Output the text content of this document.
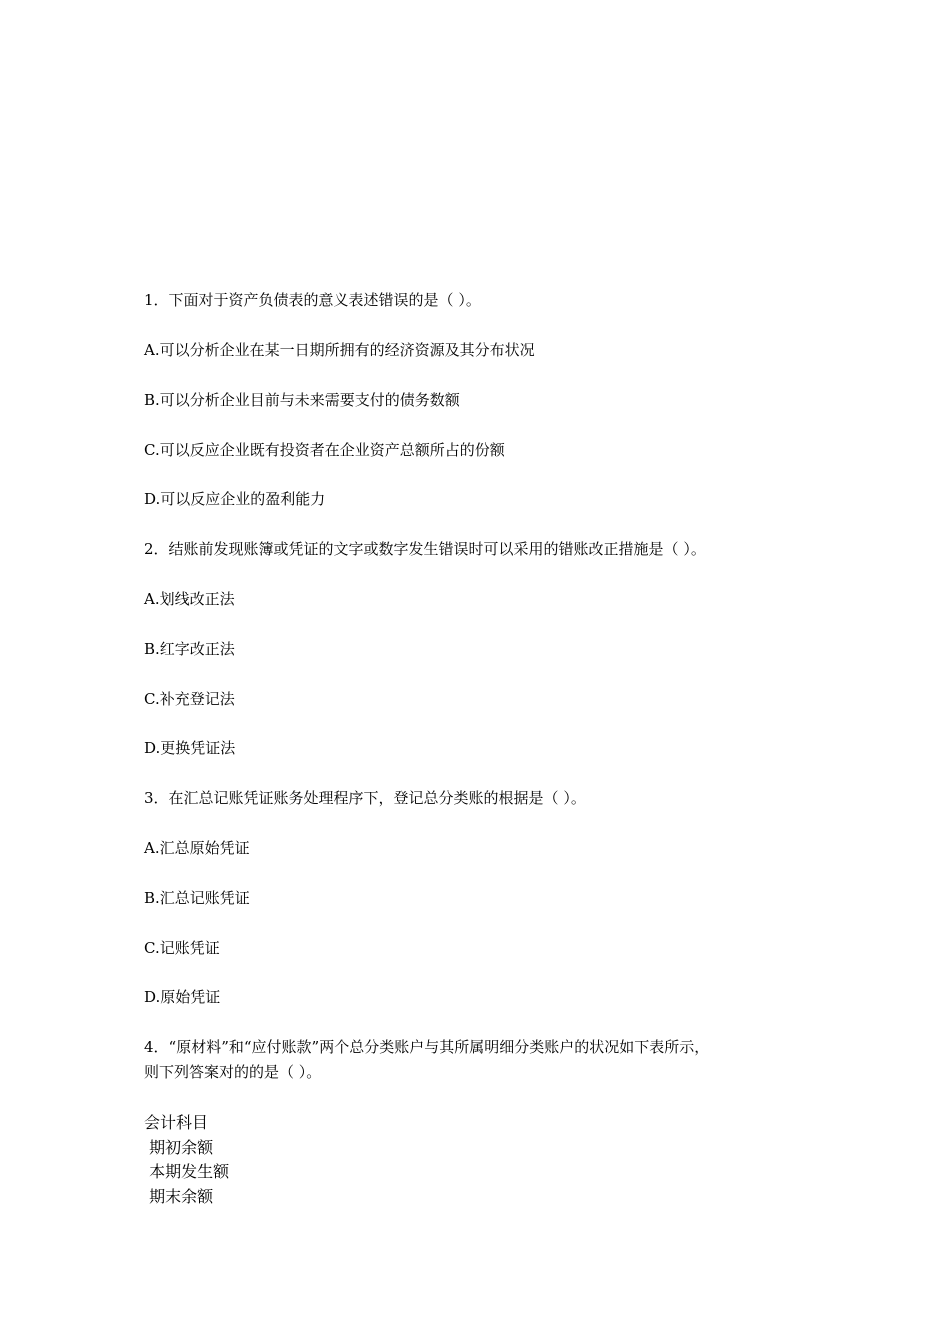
1．下面对于资产负债表的意义表述错误的是（ ）。
A.可以分析企业在某一日期所拥有的经济资源及其分布状况
B.可以分析企业目前与未来需要支付的债务数额
C.可以反应企业既有投资者在企业资产总额所占的份额
D.可以反应企业的盈利能力
2．结账前发现账簿或凭证的文字或数字发生错误时可以采用的错账改正措施是（ ）。
A.划线改正法
B.红字改正法
C.补充登记法
D.更换凭证法
3．在汇总记账凭证账务处理程序下，登记总分类账的根据是（ ）。
A.汇总原始凭证
B.汇总记账凭证
C.记账凭证
D.原始凭证
4．“原材料”和“应付账款”两个总分类账户与其所属明细分类账户的状况如下表所示，
则下列答案对的的是（ ）。
会计科目
期初余额
本期发生额
期末余额
